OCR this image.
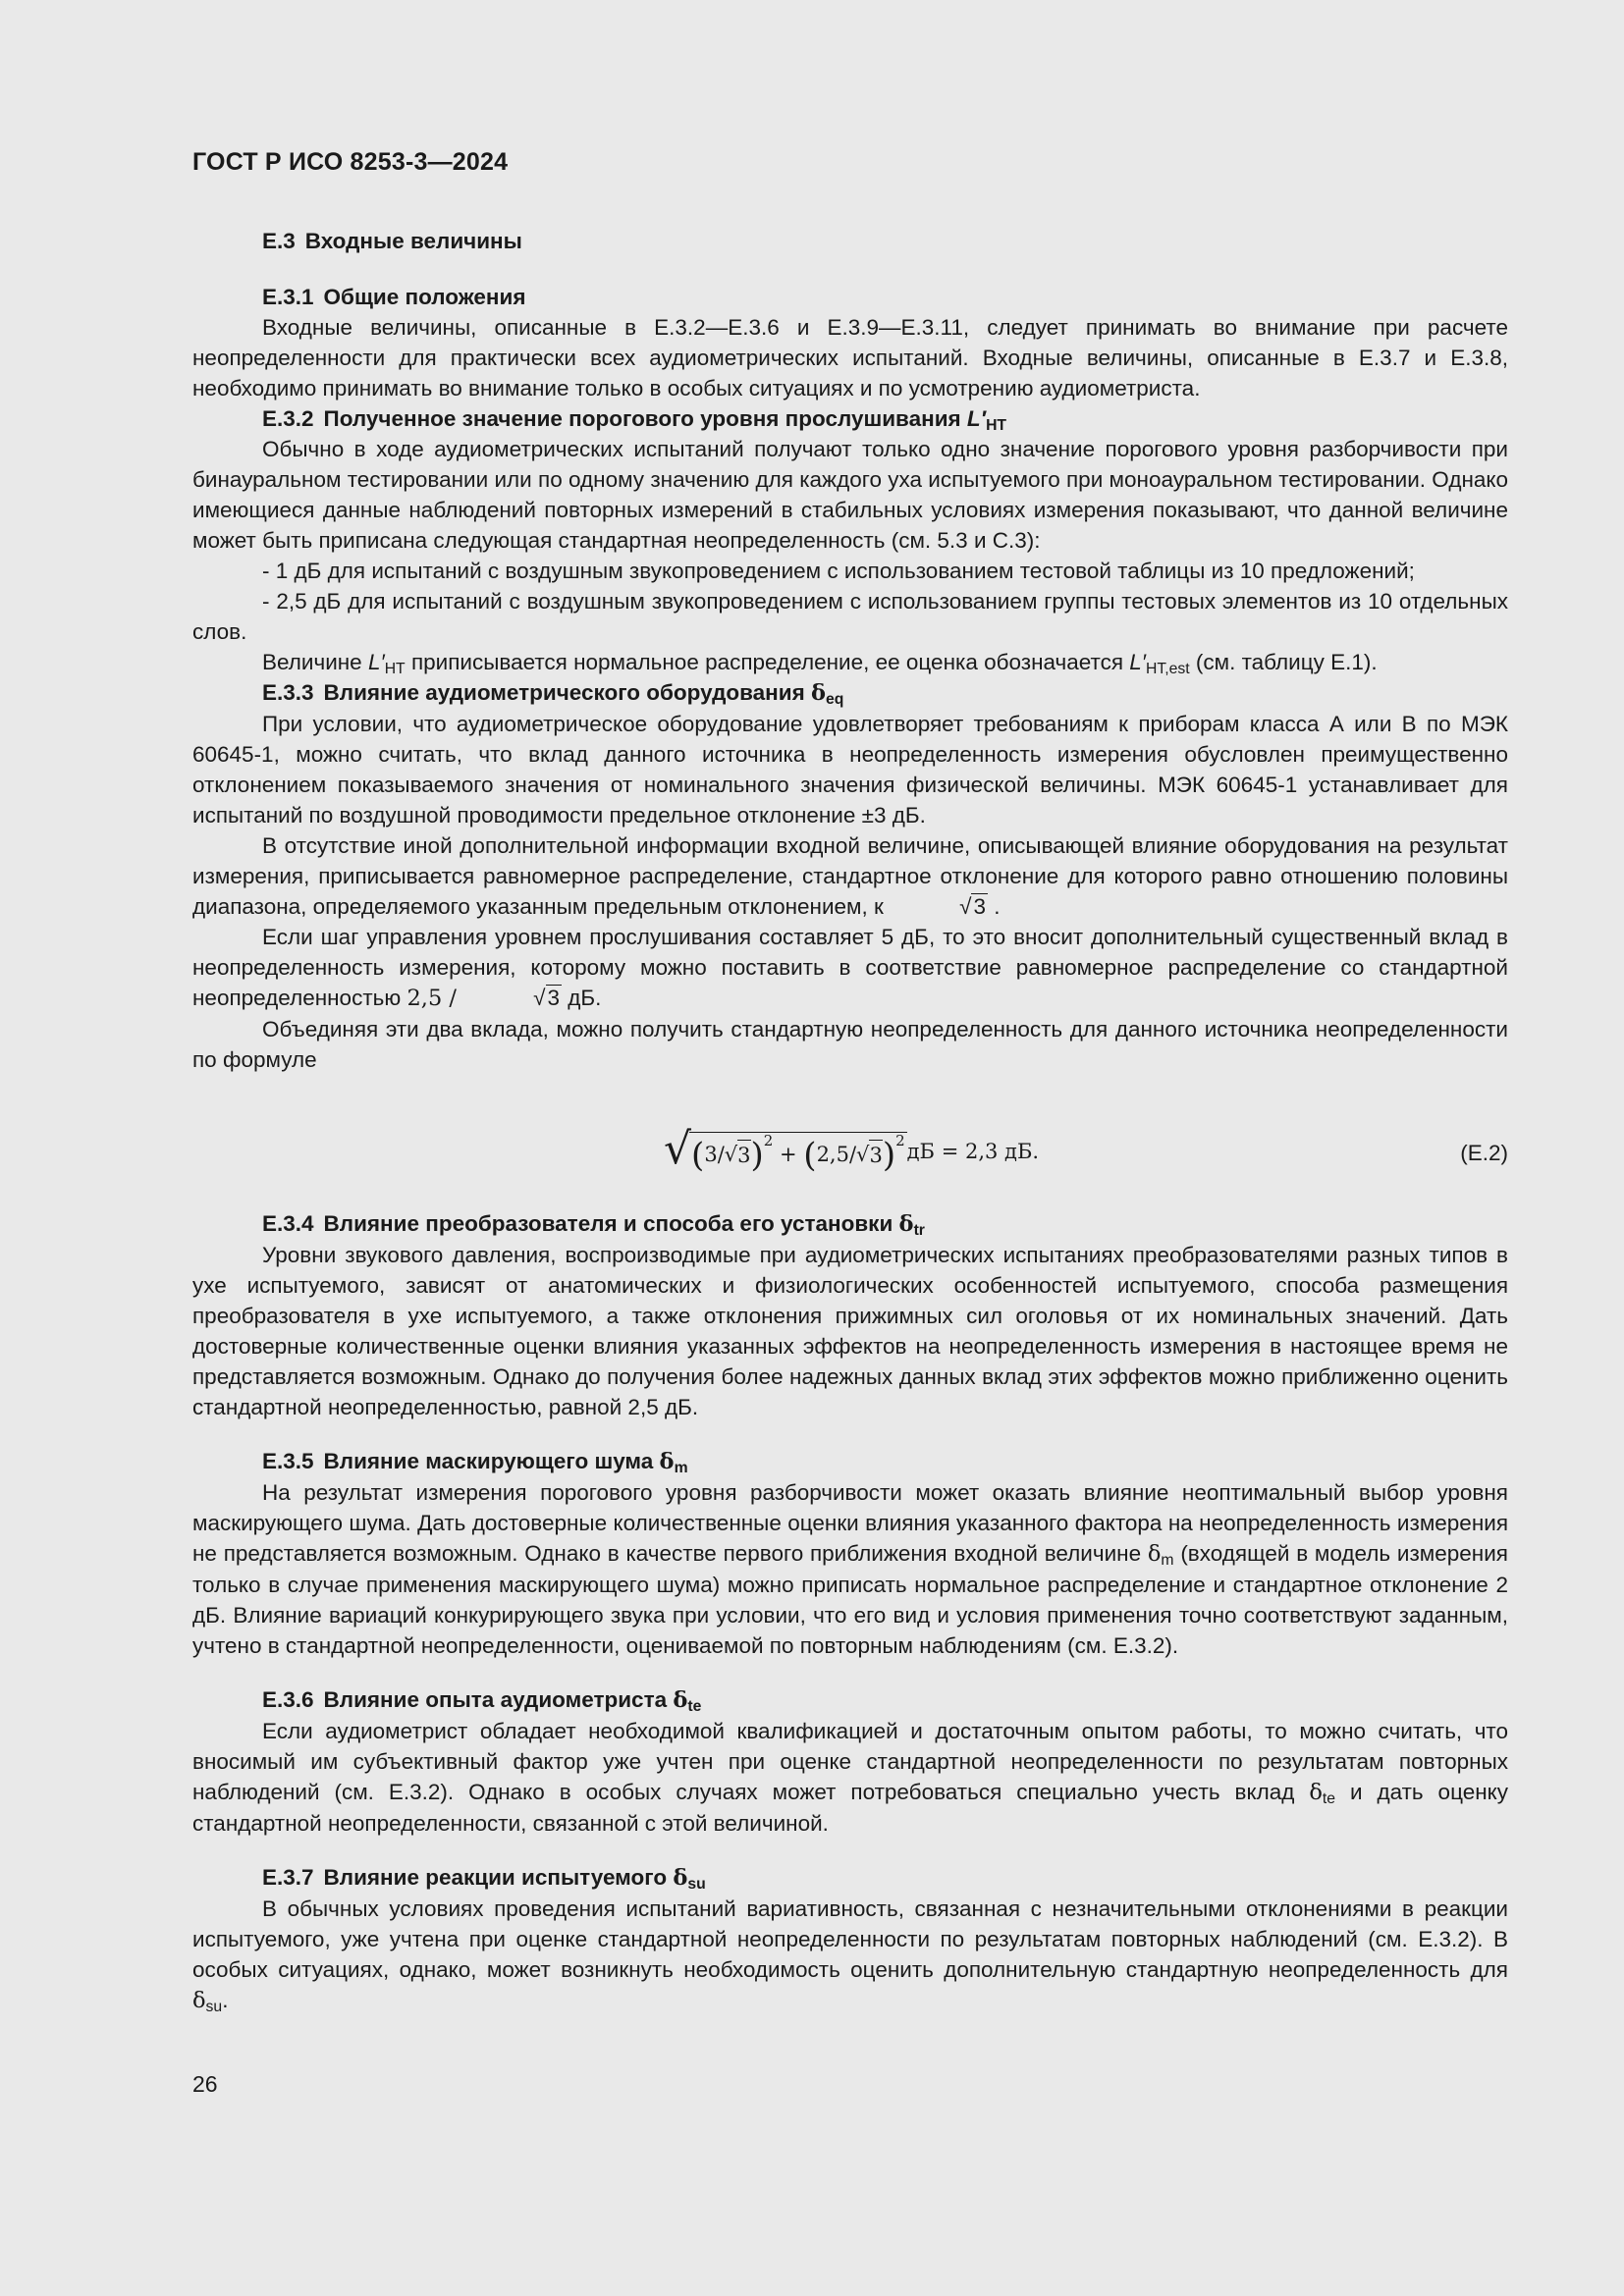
ГОСТ Р ИСО 8253-3—2024

E.3 Входные величины

E.3.1 Общие положения

Входные величины, описанные в Е.3.2—Е.3.6 и Е.3.9—Е.3.11, следует принимать во внимание при расчете неопределенности для практически всех аудиометрических испытаний. Входные величины, описанные в Е.3.7 и Е.3.8, необходимо принимать во внимание только в особых ситуациях и по усмотрению аудиометриста.

E.3.2 Полученное значение порогового уровня прослушивания $L'_{HT}$

Обычно в ходе аудиометрических испытаний получают только одно значение порогового уровня разборчивости при бинауральном тестировании или по одному значению для каждого уха испытуемого при моноауральном тестировании. Однако имеющиеся данные наблюдений повторных измерений в стабильных условиях измерения показывают, что данной величине может быть приписана следующая стандартная неопределенность (см. 5.3 и С.3):

- 1 дБ для испытаний с воздушным звукопроведением с использованием тестовой таблицы из 10 предложений;

- 2,5 дБ для испытаний с воздушным звукопроведением с использованием группы тестовых элементов из 10 отдельных слов.

Величине $L'_{HT}$ приписывается нормальное распределение, ее оценка обозначается $L'_{HT,est}$ (см. таблицу Е.1).

E.3.3 Влияние аудиометрического оборудования $\delta_{eq}$

При условии, что аудиометрическое оборудование удовлетворяет требованиям к приборам класса А или В по МЭК 60645-1, можно считать, что вклад данного источника в неопределенность измерения обусловлен преимущественно отклонением показываемого значения от номинального значения физической величины. МЭК 60645-1 устанавливает для испытаний по воздушной проводимости предельное отклонение ±3 дБ.

В отсутствие иной дополнительной информации входной величине, описывающей влияние оборудования на результат измерения, приписывается равномерное распределение, стандартное отклонение для которого равно отношению половины диапазона, определяемого указанным предельным отклонением, к	√3 .

Если шаг управления уровнем прослушивания составляет 5 дБ, то это вносит дополнительный существенный вклад в неопределенность измерения, которому можно поставить в соответствие равномерное распределение со стандартной неопределенностью 2,5 /	√3 дБ.

Объединяя эти два вклада, можно получить стандартную неопределенность для данного источника неопределенности по формуле

√ ( 3 / √ 3 ) 2
+ ( 2,5 / √ 3 ) 2 дБ
= 2,3 дБ.	(E.2)

E.3.4 Влияние преобразователя и способа его установки $\delta_{tr}$

Уровни звукового давления, воспроизводимые при аудиометрических испытаниях преобразователями разных типов в ухе испытуемого, зависят от анатомических и физиологических особенностей испытуемого, способа размещения преобразователя в ухе испытуемого, а также отклонения прижимных сил оголовья от их номинальных значений. Дать достоверные количественные оценки влияния указанных эффектов на неопределенность измерения в настоящее время не представляется возможным. Однако до получения более надежных данных вклад этих эффектов можно приближенно оценить стандартной неопределенностью, равной 2,5 дБ.

E.3.5 Влияние маскирующего шума $\delta_m$

На результат измерения порогового уровня разборчивости может оказать влияние неоптимальный выбор уровня маскирующего шума. Дать достоверные количественные оценки влияния указанного фактора на неопределенность измерения не представляется возможным. Однако в качестве первого приближения входной величине $\delta_m$ (входящей в модель измерения только в случае применения маскирующего шума) можно приписать нормальное распределение и стандартное отклонение 2 дБ. Влияние вариаций конкурирующего звука при условии, что его вид и условия применения точно соответствуют заданным, учтено в стандартной неопределенности, оцениваемой по повторным наблюдениям (см. Е.3.2).

E.3.6 Влияние опыта аудиометриста $\delta_{te}$

Если аудиометрист обладает необходимой квалификацией и достаточным опытом работы, то можно считать, что вносимый им субъективный фактор уже учтен при оценке стандартной неопределенности по результатам повторных наблюдений (см. Е.3.2). Однако в особых случаях может потребоваться специально учесть вклад $\delta_{te}$ и дать оценку стандартной неопределенности, связанной с этой величиной.

E.3.7 Влияние реакции испытуемого $\delta_{su}$

В обычных условиях проведения испытаний вариативность, связанная с незначительными отклонениями в реакции испытуемого, уже учтена при оценке стандартной неопределенности по результатам повторных наблюдений (см. Е.3.2). В особых ситуациях, однако, может возникнуть необходимость оценить дополнительную стандартную неопределенность для $\delta_{su}$.

26
